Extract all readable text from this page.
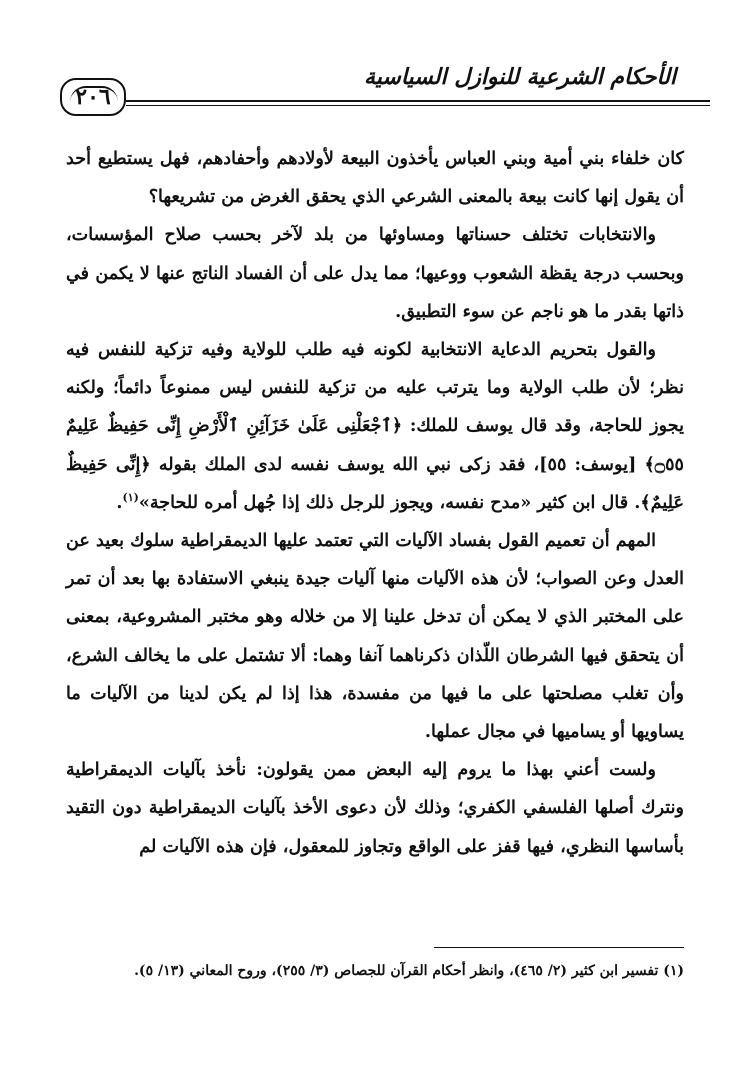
٢٠٦
الأحكام الشرعية للنوازل السياسية

كان خلفاء بني أمية وبني العباس يأخذون البيعة لأولادهم وأحفادهم، فهل يستطيع أحد أن يقول إنها كانت بيعة بالمعنى الشرعي الذي يحقق الغرض من تشريعها؟

والانتخابات تختلف حسناتها ومساوئها من بلد لآخر بحسب صلاح المؤسسات، وبحسب درجة يقظة الشعوب ووعيها؛ مما يدل على أن الفساد الناتج عنها لا يكمن في ذاتها بقدر ما هو ناجم عن سوء التطبيق.

والقول بتحريم الدعاية الانتخابية لكونه فيه طلب للولاية وفيه تزكية للنفس فيه نظر؛ لأن طلب الولاية وما يترتب عليه من تزكية للنفس ليس ممنوعاً دائماً؛ ولكنه يجوز للحاجة، وقد قال يوسف للملك: ﴿ٱجْعَلْنِى عَلَىٰ خَزَآئِنِ ٱلْأَرْضِ إِنِّى حَفِيظٌ عَلِيمٌ ۝٥٥﴾ [يوسف: ٥٥]، فقد زكى نبي الله يوسف نفسه لدى الملك بقوله ﴿إِنِّى حَفِيظٌ عَلِيمٌ﴾. قال ابن كثير «مدح نفسه، ويجوز للرجل ذلك إذا جُهل أمره للحاجة»$^{(١)}$.

المهم أن تعميم القول بفساد الآليات التي تعتمد عليها الديمقراطية سلوك بعيد عن العدل وعن الصواب؛ لأن هذه الآليات منها آليات جيدة ينبغي الاستفادة بها بعد أن تمر على المختبر الذي لا يمكن أن تدخل علينا إلا من خلاله وهو مختبر المشروعية، بمعنى أن يتحقق فيها الشرطان اللّذان ذكرناهما آنفا وهما: ألا تشتمل على ما يخالف الشرع، وأن تغلب مصلحتها على ما فيها من مفسدة، هذا إذا لم يكن لدينا من الآليات ما يساويها أو يساميها في مجال عملها.

ولست أعني بهذا ما يروم إليه البعض ممن يقولون: نأخذ بآليات الديمقراطية ونترك أصلها الفلسفي الكفري؛ وذلك لأن دعوى الأخذ بآليات الديمقراطية دون التقيد بأساسها النظري، فيها قفز على الواقع وتجاوز للمعقول، فإن هذه الآليات لم

(١) تفسير ابن كثير (٢/ ٤٦٥)، وانظر أحكام القرآن للجصاص (٣/ ٢٥٥)، وروح المعاني (١٣/ ٥).
